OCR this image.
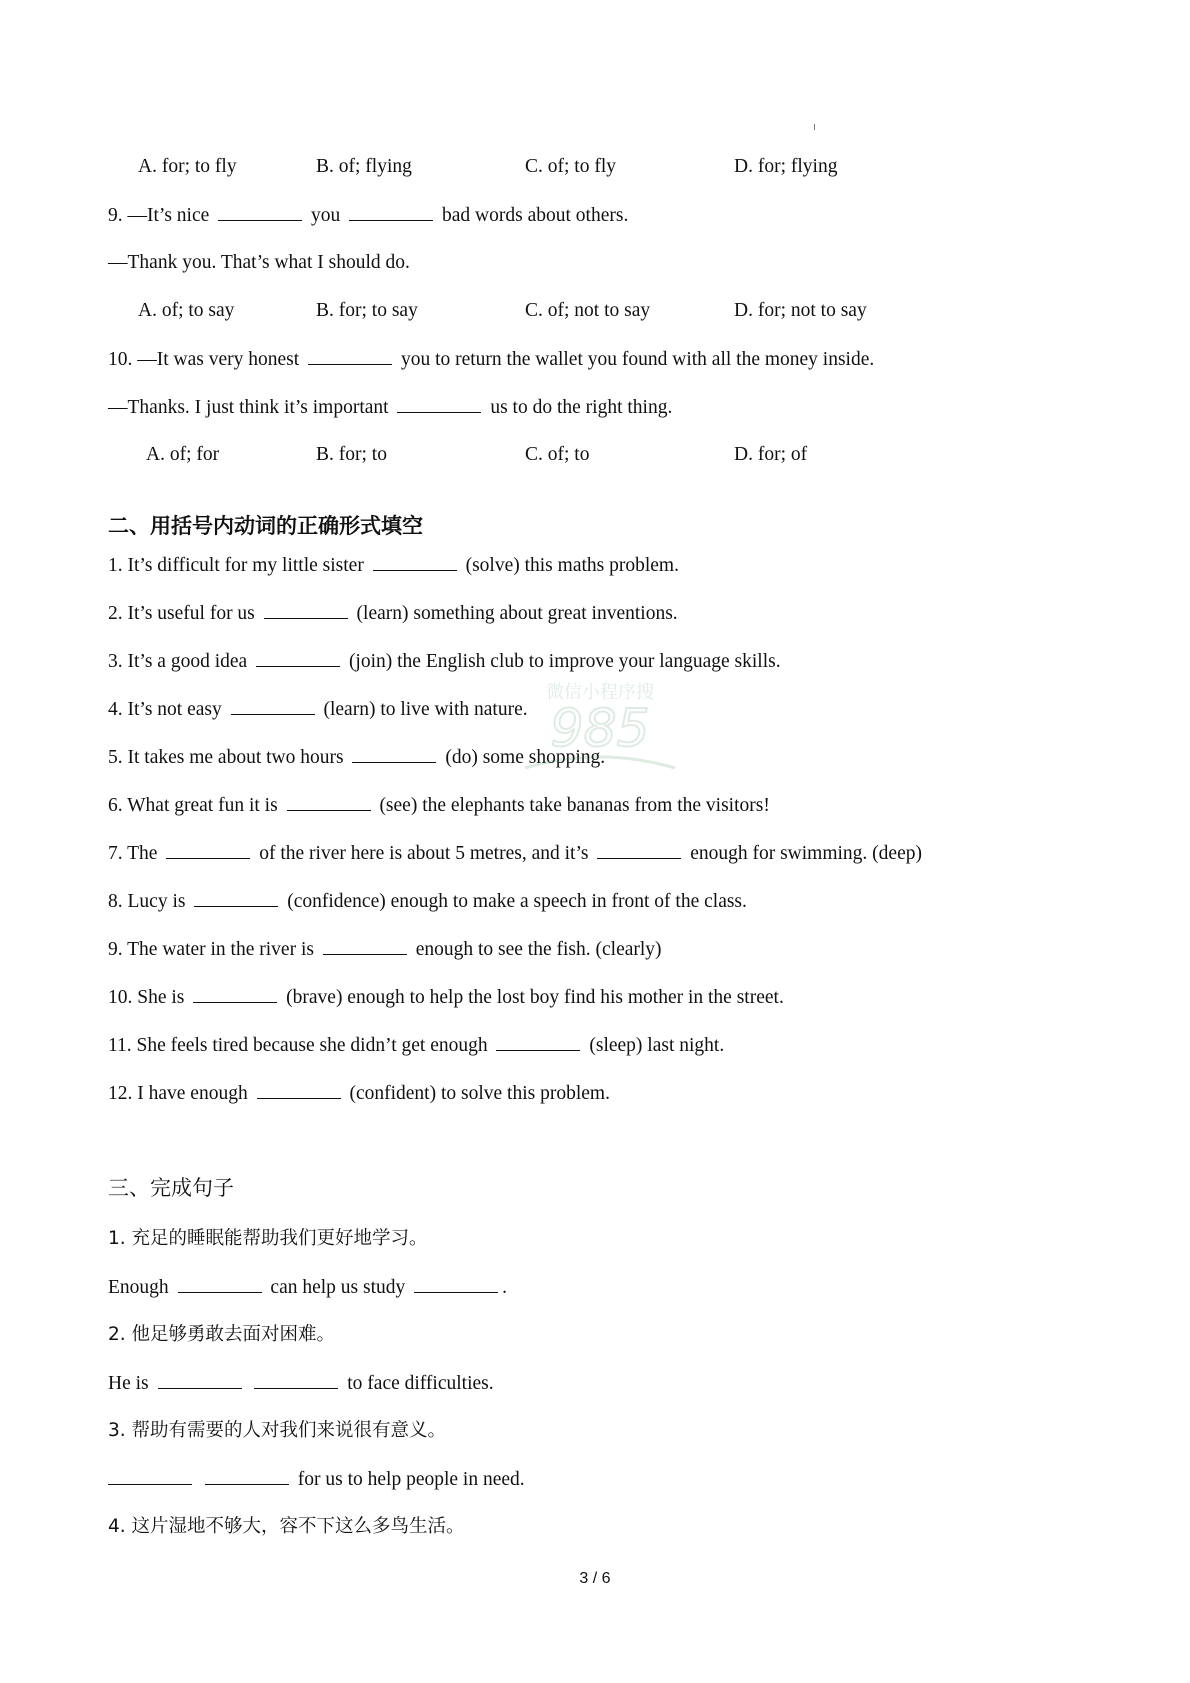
A. for; to fly	B. of; flying	C. of; to fly	D. for; flying
9. —It’s nice	you	bad words about others.
—Thank you. That’s what I should do.
A. of; to say	B. for; to say	C. of; not to say	D. for; not to say
10. —It was very honest	you to return the wallet you found with all the money inside.
—Thanks. I just think it’s important	us to do the right thing.
A. of; for	B. for; to	C. of; to	D. for; of
二、用括号内动词的正确形式填空
1. It’s difficult for my little sister	(solve) this maths problem.
2. It’s useful for us	(learn) something about great inventions.
3. It’s a good idea	(join) the English club to improve your language skills.
4. It’s not easy	(learn) to live with nature.
5. It takes me about two hours	(do) some shopping.
6. What great fun it is	(see) the elephants take bananas from the visitors!
7. The	of the river here is about 5 metres, and it’s	enough for swimming. (deep)
8. Lucy is	(confidence) enough to make a speech in front of the class.
9. The water in the river is	enough to see the fish. (clearly)
10. She is	(brave) enough to help the lost boy find his mother in the street.
11. She feels tired because she didn’t get enough	(sleep) last night.
12. I have enough	(confident) to solve this problem.
微信小程序搜
985
三、完成句子
1. 充足的睡眠能帮助我们更好地学习。
Enough	can help us study	.
2. 他足够勇敢去面对困难。
He is	to face difficulties.
3. 帮助有需要的人对我们来说很有意义。
for us to help people in need.
4. 这片湿地不够大，容不下这么多鸟生活。
3 / 6
